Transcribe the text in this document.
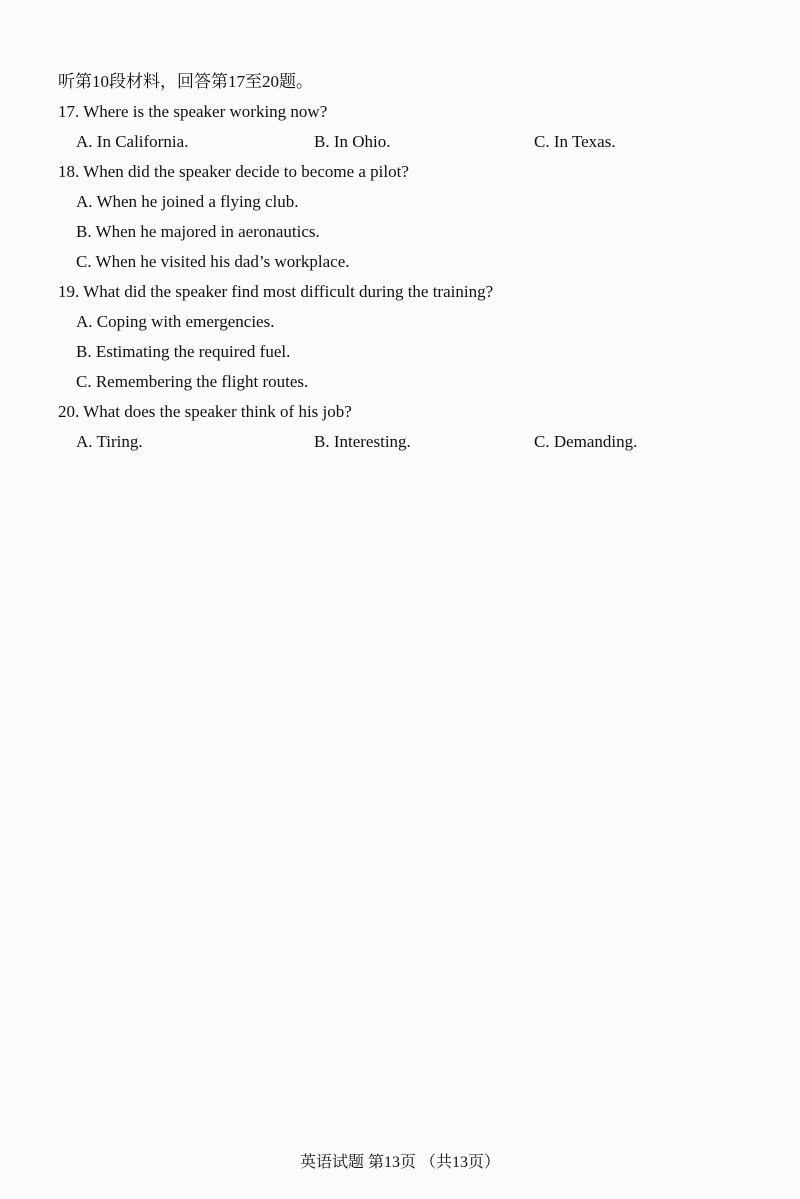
听第10段材料，回答第17至20题。
17. Where is the speaker working now?
A. In California.	B. In Ohio.	C. In Texas.
18. When did the speaker decide to become a pilot?
A. When he joined a flying club.
B. When he majored in aeronautics.
C. When he visited his dad’s workplace.
19. What did the speaker find most difficult during the training?
A. Coping with emergencies.
B. Estimating the required fuel.
C. Remembering the flight routes.
20. What does the speaker think of his job?
A. Tiring.	B. Interesting.	C. Demanding.
英语试题 第13页 （共13页）
